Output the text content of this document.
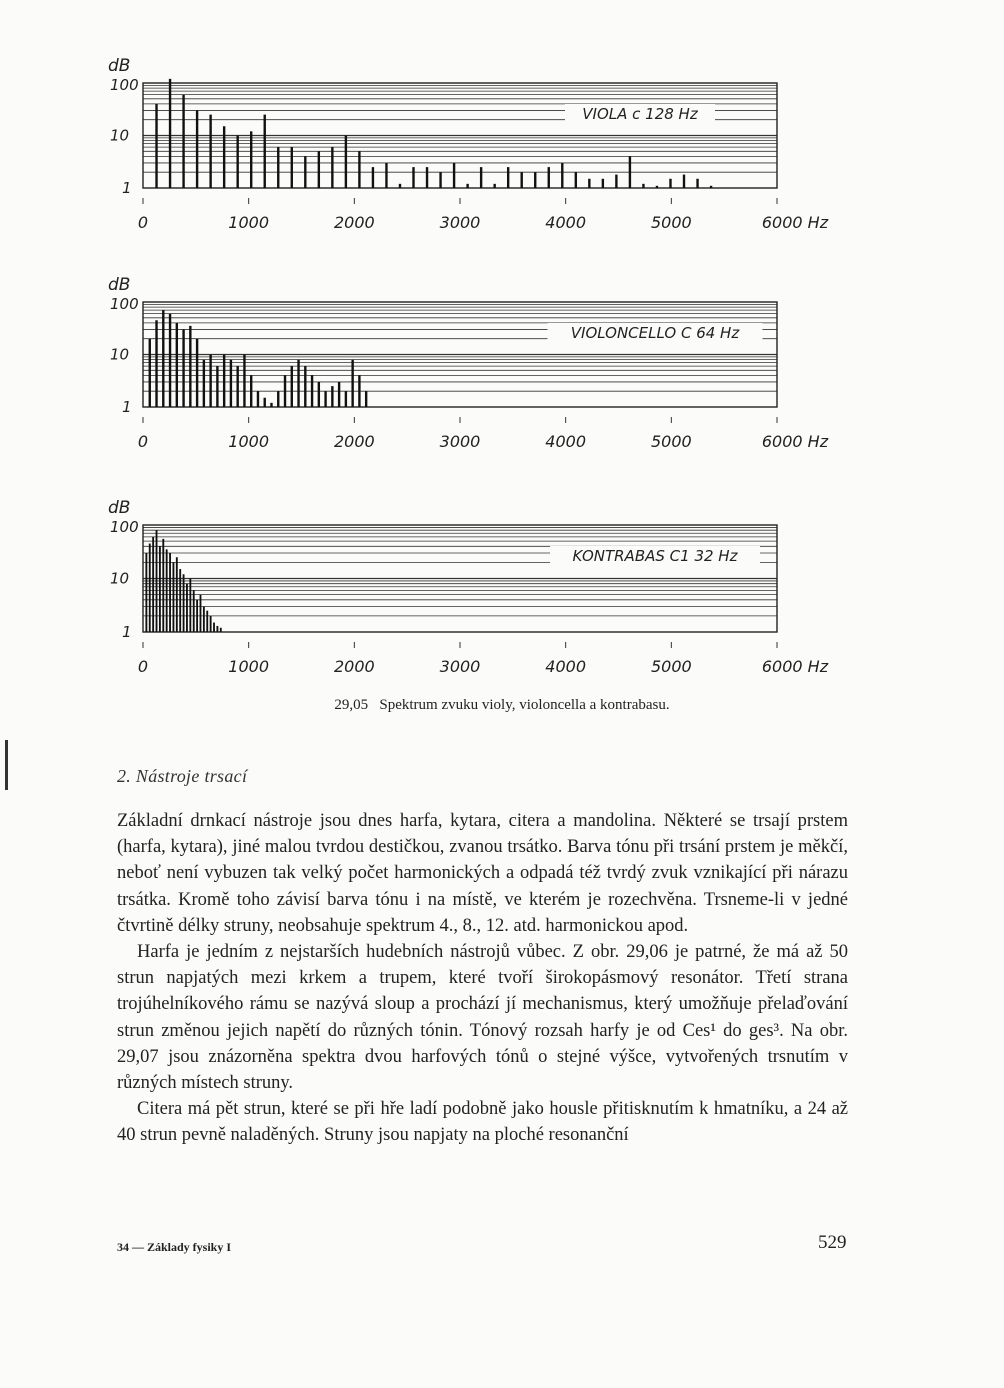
VIOLA c 128 Hz
dB
100
10
1
0	1000	2000	3000	4000	5000	6000 Hz
VIOLONCELLO C 64 Hz
dB
100
10
1
0	1000	2000	3000	4000	5000	6000 Hz
KONTRABAS C1 32 Hz
dB
100
10
1
0	1000	2000	3000	4000	5000	6000 Hz
29,05 Spektrum zvuku violy, violoncella a kontrabasu.
2. Nástroje trsací

Základní drnkací nástroje jsou dnes harfa, kytara, citera a mandolina. Některé se trsají prstem (harfa, kytara), jiné malou tvrdou destičkou, zvanou trsátko. Barva tónu při trsání prstem je měkčí, neboť není vybuzen tak velký počet harmonických a odpadá též tvrdý zvuk vznikající při nárazu trsátka. Kromě toho závisí barva tónu i na místě, ve kterém je rozechvěna. Trsneme-li v jedné čtvrtině délky struny, neobsahuje spektrum 4., 8., 12. atd. harmonickou apod.

Harfa je jedním z nejstarších hudebních nástrojů vůbec. Z obr. 29,06 je patrné, že má až 50 strun napjatých mezi krkem a trupem, které tvoří širokopásmový resonátor. Třetí strana trojúhelníkového rámu se nazývá sloup a prochází jí mechanismus, který umožňuje přelaďování strun změnou jejich napětí do různých tónin. Tónový rozsah harfy je od Ces¹ do ges³. Na obr. 29,07 jsou znázorněna spektra dvou harfových tónů o stejné výšce, vytvořených trsnutím v různých místech struny.

Citera má pět strun, které se při hře ladí podobně jako housle přitisknutím k hmatníku, a 24 až 40 strun pevně naladěných. Struny jsou napjaty na ploché resonanční

34 — Základy fysiky I	529
